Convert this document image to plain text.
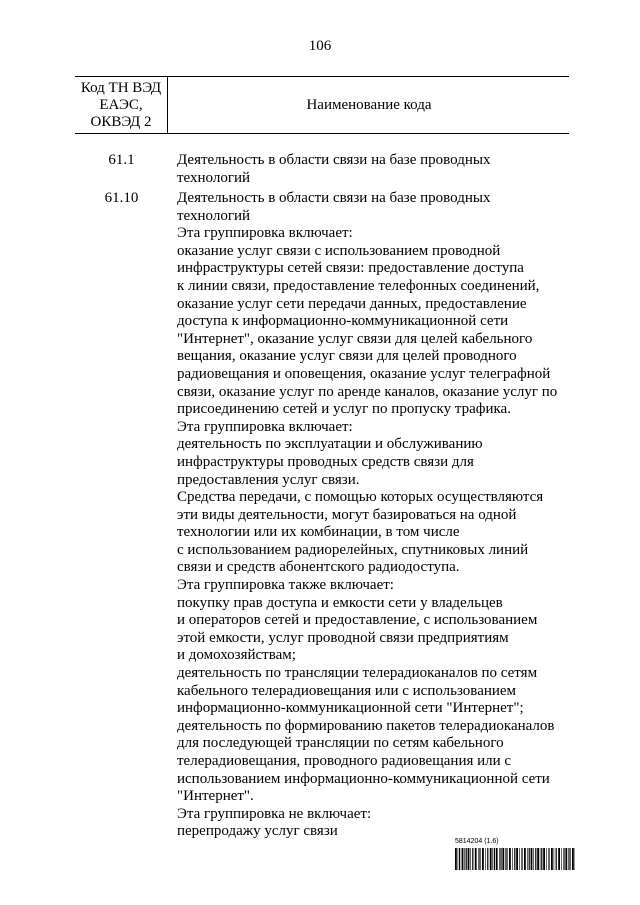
106
Код ТН ВЭД ЕАЭС, ОКВЭД 2
Наименование кода
61.1	Деятельность в области связи на базе проводных
технологий
61.10	Деятельность в области связи на базе проводных
технологий
Эта группировка включает:
оказание услуг связи с использованием проводной
инфраструктуры сетей связи: предоставление доступа
к линии связи, предоставление телефонных соединений,
оказание услуг сети передачи данных, предоставление
доступа к информационно-коммуникационной сети
"Интернет", оказание услуг связи для целей кабельного
вещания, оказание услуг связи для целей проводного
радиовещания и оповещения, оказание услуг телеграфной
связи, оказание услуг по аренде каналов, оказание услуг по
присоединению сетей и услуг по пропуску трафика.
Эта группировка включает:
деятельность по эксплуатации и обслуживанию
инфраструктуры проводных средств связи для
предоставления услуг связи.
Средства передачи, с помощью которых осуществляются
эти виды деятельности, могут базироваться на одной
технологии или их комбинации, в том числе
с использованием радиорелейных, спутниковых линий
связи и средств абонентского радиодоступа.
Эта группировка также включает:
покупку прав доступа и емкости сети у владельцев
и операторов сетей и предоставление, с использованием
этой емкости, услуг проводной связи предприятиям
и домохозяйствам;
деятельность по трансляции телерадиоканалов по сетям
кабельного телерадиовещания или с использованием
информационно-коммуникационной сети "Интернет";
деятельность по формированию пакетов телерадиоканалов
для последующей трансляции по сетям кабельного
телерадиовещания, проводного радиовещания или с
использованием информационно-коммуникационной сети
"Интернет".
Эта группировка не включает:
перепродажу услуг связи
5814204 (1.6)
